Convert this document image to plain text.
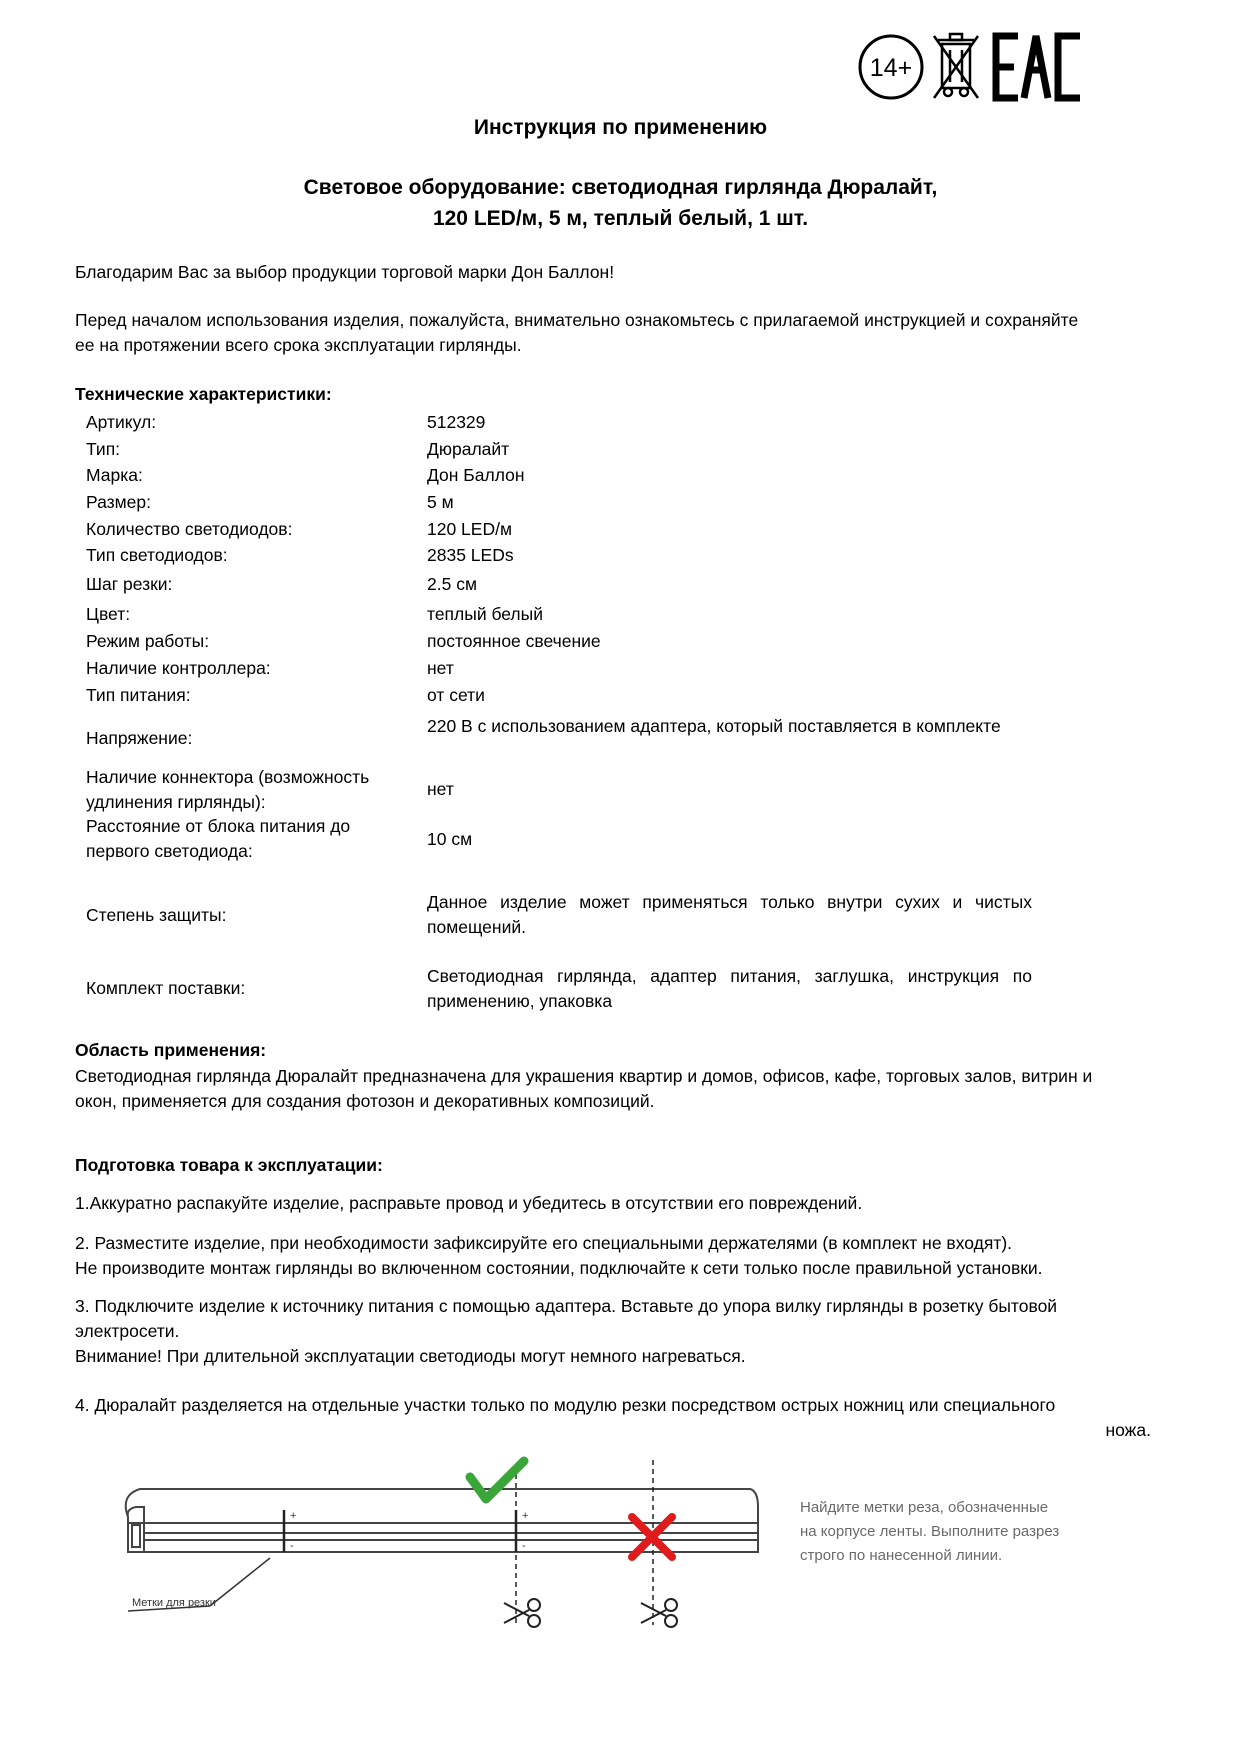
14+
Инструкция по применению
Световое оборудование: светодиодная гирлянда Дюралайт,
120 LED/м, 5 м, теплый белый, 1 шт.
Благодарим Вас за выбор продукции торговой марки Дон Баллон!
Перед началом использования изделия, пожалуйста, внимательно ознакомьтесь с прилагаемой инструкцией и сохраняйте
ее на протяжении всего срока эксплуатации гирлянды.
Технические характеристики:
Артикул:	512329
Тип:	Дюралайт
Марка:	Дон Баллон
Размер:	5 м
Количество светодиодов:	120 LED/м
Тип светодиодов:	2835 LEDs
Шаг резки:	2.5 см
Цвет:	теплый белый
Режим работы:	постоянное свечение
Наличие контроллера:	нет
Тип питания:	от сети
Напряжение:
220 В с использованием адаптера, который поставляется в комплекте
Наличие коннектора (возможность удлинения гирлянды):
нет
Расстояние от блока питания до первого светодиода:
10 см
Степень защиты:
Данное изделие может применяться только внутри сухих и чистых помещений.
Комплект поставки:
Светодиодная гирлянда, адаптер питания, заглушка, инструкция по применению, упаковка
Область применения:
Светодиодная гирлянда Дюралайт предназначена для украшения квартир и домов, офисов, кафе, торговых залов, витрин и
окон, применяется для создания фотозон и декоративных композиций.
Подготовка товара к эксплуатации:
1.Аккуратно распакуйте изделие, расправьте провод и убедитесь в отсутствии его повреждений.
2. Разместите изделие, при необходимости зафиксируйте его специальными держателями (в комплект не входят).
Не производите монтаж гирлянды во включенном состоянии, подключайте к сети только после правильной установки.
3. Подключите изделие к источнику питания с помощью адаптера. Вставьте до упора вилку гирлянды в розетку бытовой
электросети.
Внимание! При длительной эксплуатации светодиоды могут немного нагреваться.
4. Дюралайт разделяется на отдельные участки только по модулю резки посредством острых ножниц или специального
ножа.
+
-
+
-
Метки для резки
Найдите метки реза, обозначенные
на корпусе ленты. Выполните разрез
строго по нанесенной линии.
